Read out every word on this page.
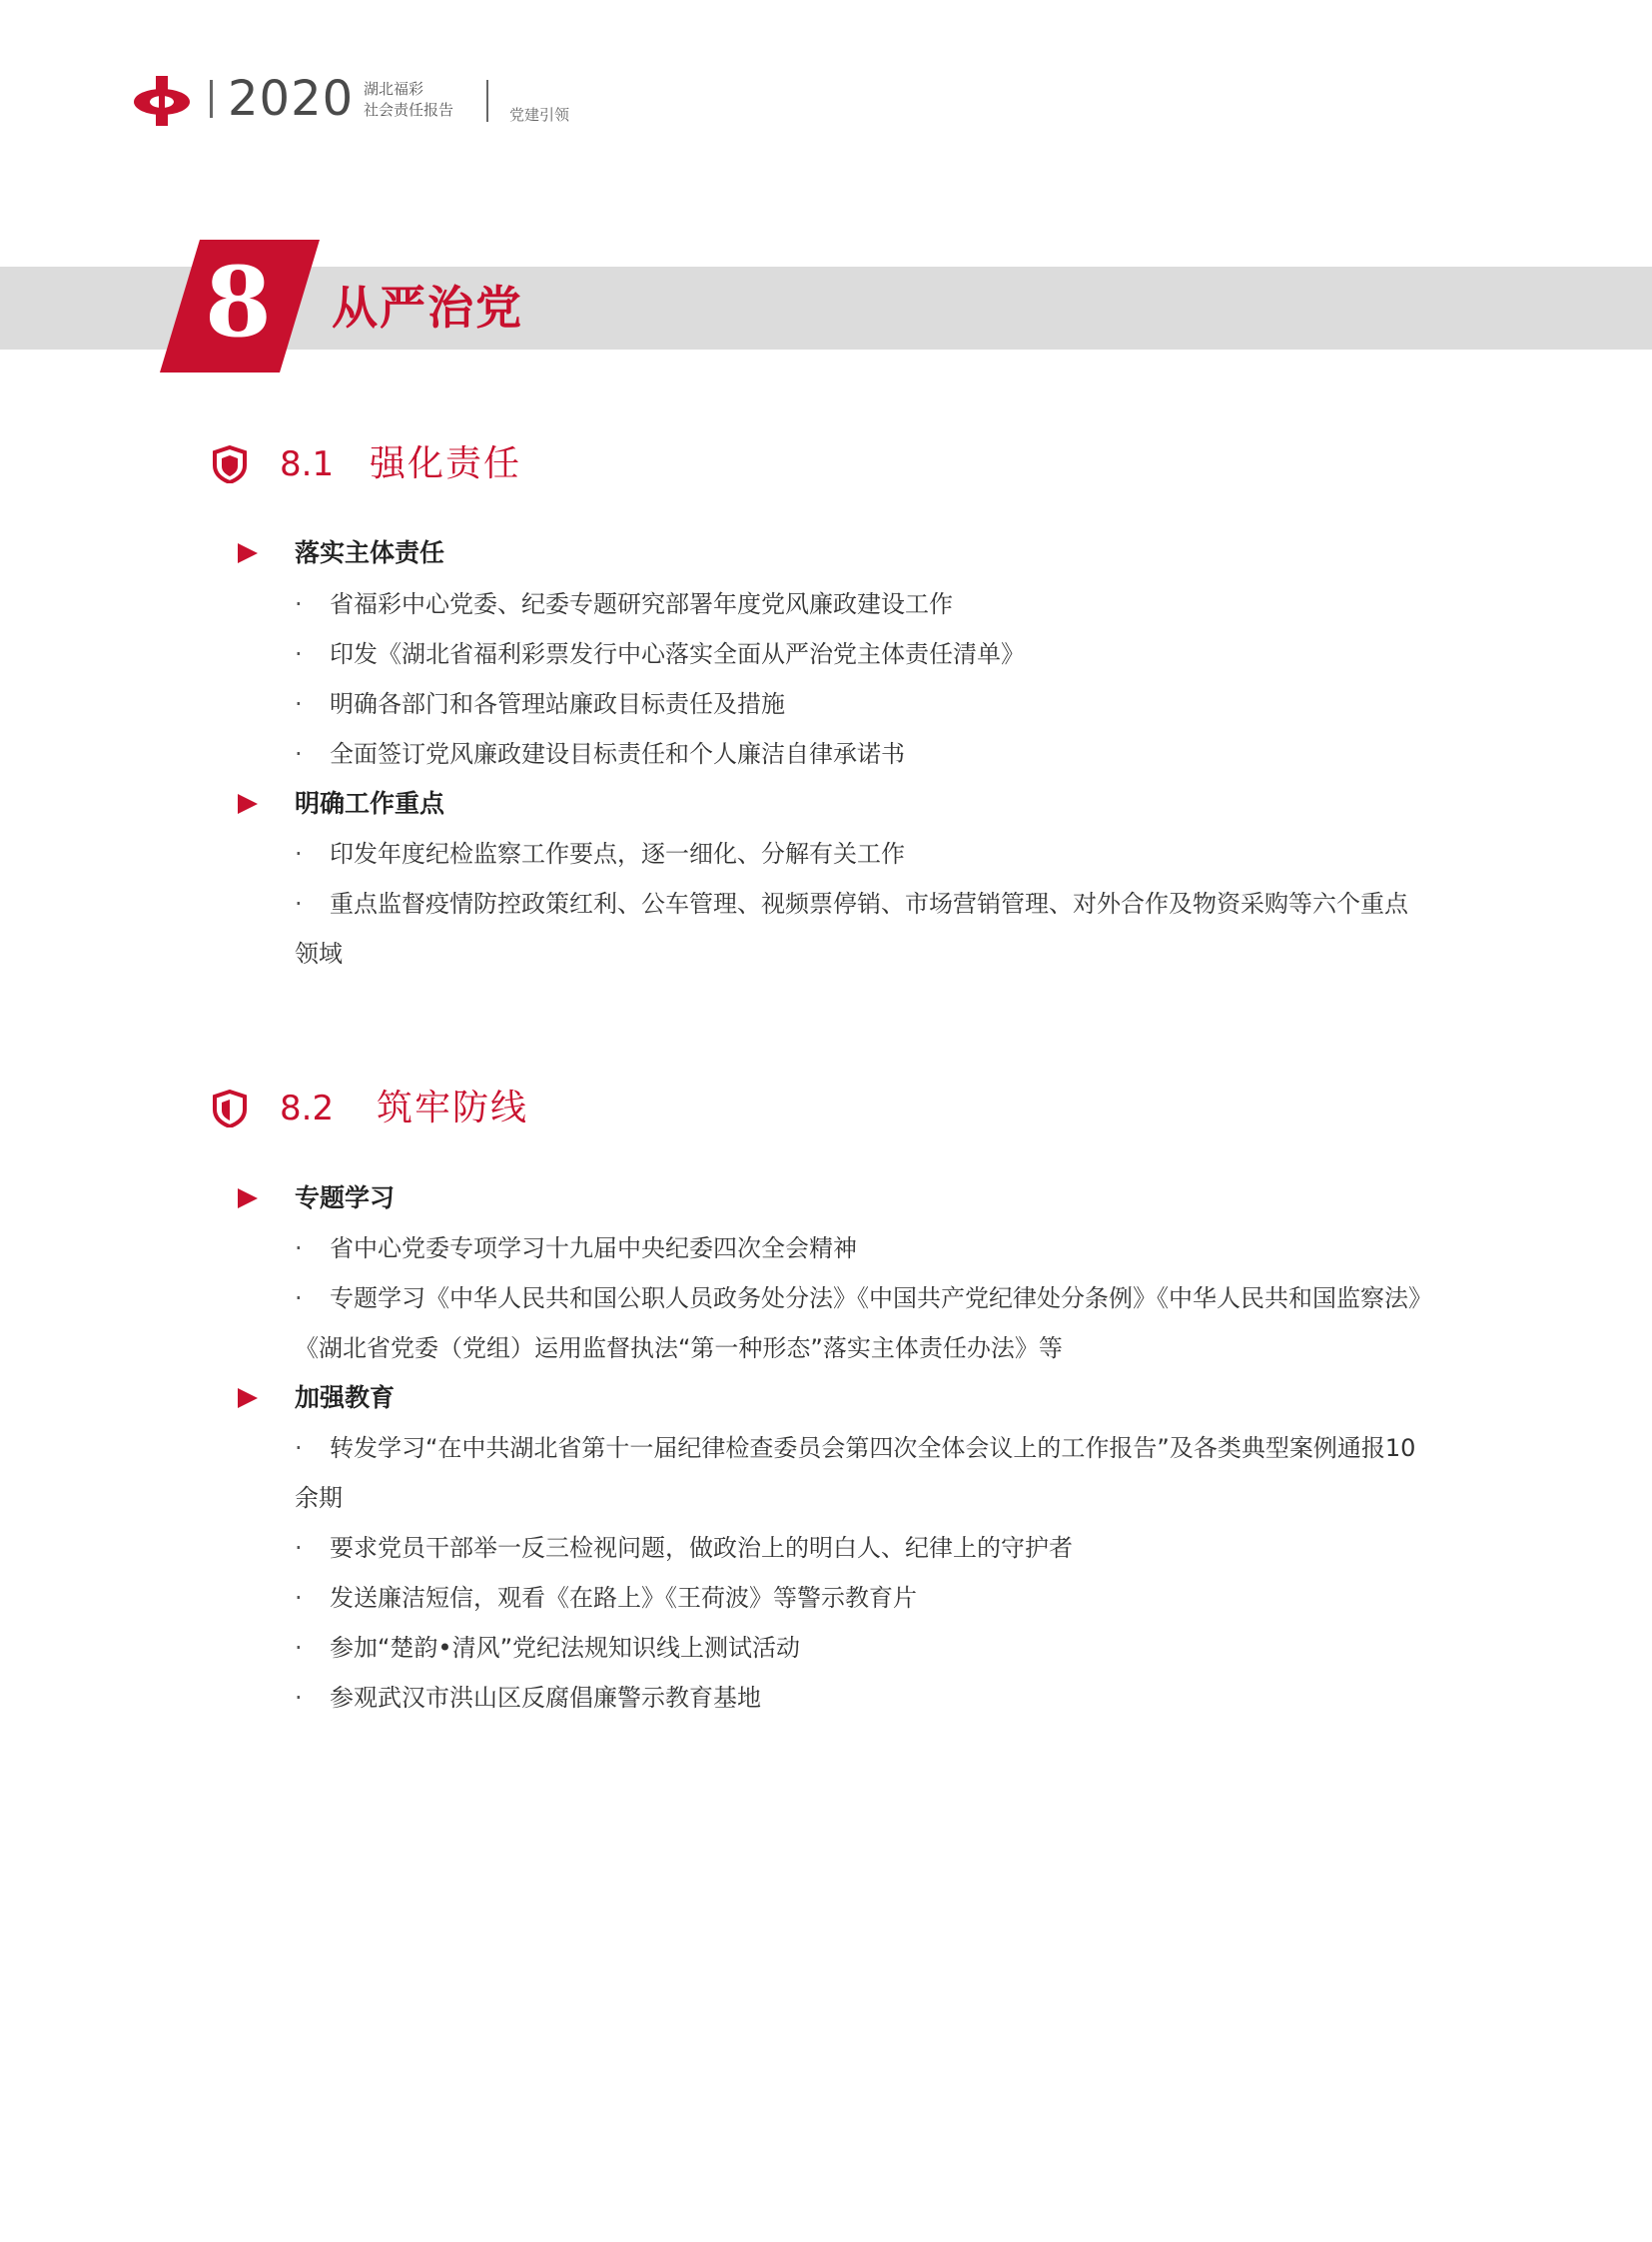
2020 湖北福彩
社会责任报告	党建引领
8 从严治党
8.1 强化责任
落实主体责任
·	省福彩中心党委、纪委专题研究部署年度党风廉政建设工作
·	印发《湖北省福利彩票发行中心落实全面从严治党主体责任清单》
·	明确各部门和各管理站廉政目标责任及措施
·	全面签订党风廉政建设目标责任和个人廉洁自律承诺书
明确工作重点
·	印发年度纪检监察工作要点，逐一细化、分解有关工作
·	重点监督疫情防控政策红利、公车管理、视频票停销、市场营销管理、对外合作及物资采购等六个重点领域
8.2 筑牢防线
专题学习
·	省中心党委专项学习十九届中央纪委四次全会精神
·	专题学习《中华人民共和国公职人员政务处分法》《中国共产党纪律处分条例》《中华人民共和国监察法》《湖北省党委（党组）运用监督执法“第一种形态”落实主体责任办法》等
加强教育
·	转发学习“在中共湖北省第十一届纪律检查委员会第四次全体会议上的工作报告”及各类典型案例通报10余期
·	要求党员干部举一反三检视问题，做政治上的明白人、纪律上的守护者
·	发送廉洁短信，观看《在路上》《王荷波》等警示教育片
·	参加“楚韵•清风”党纪法规知识线上测试活动
·	参观武汉市洪山区反腐倡廉警示教育基地
